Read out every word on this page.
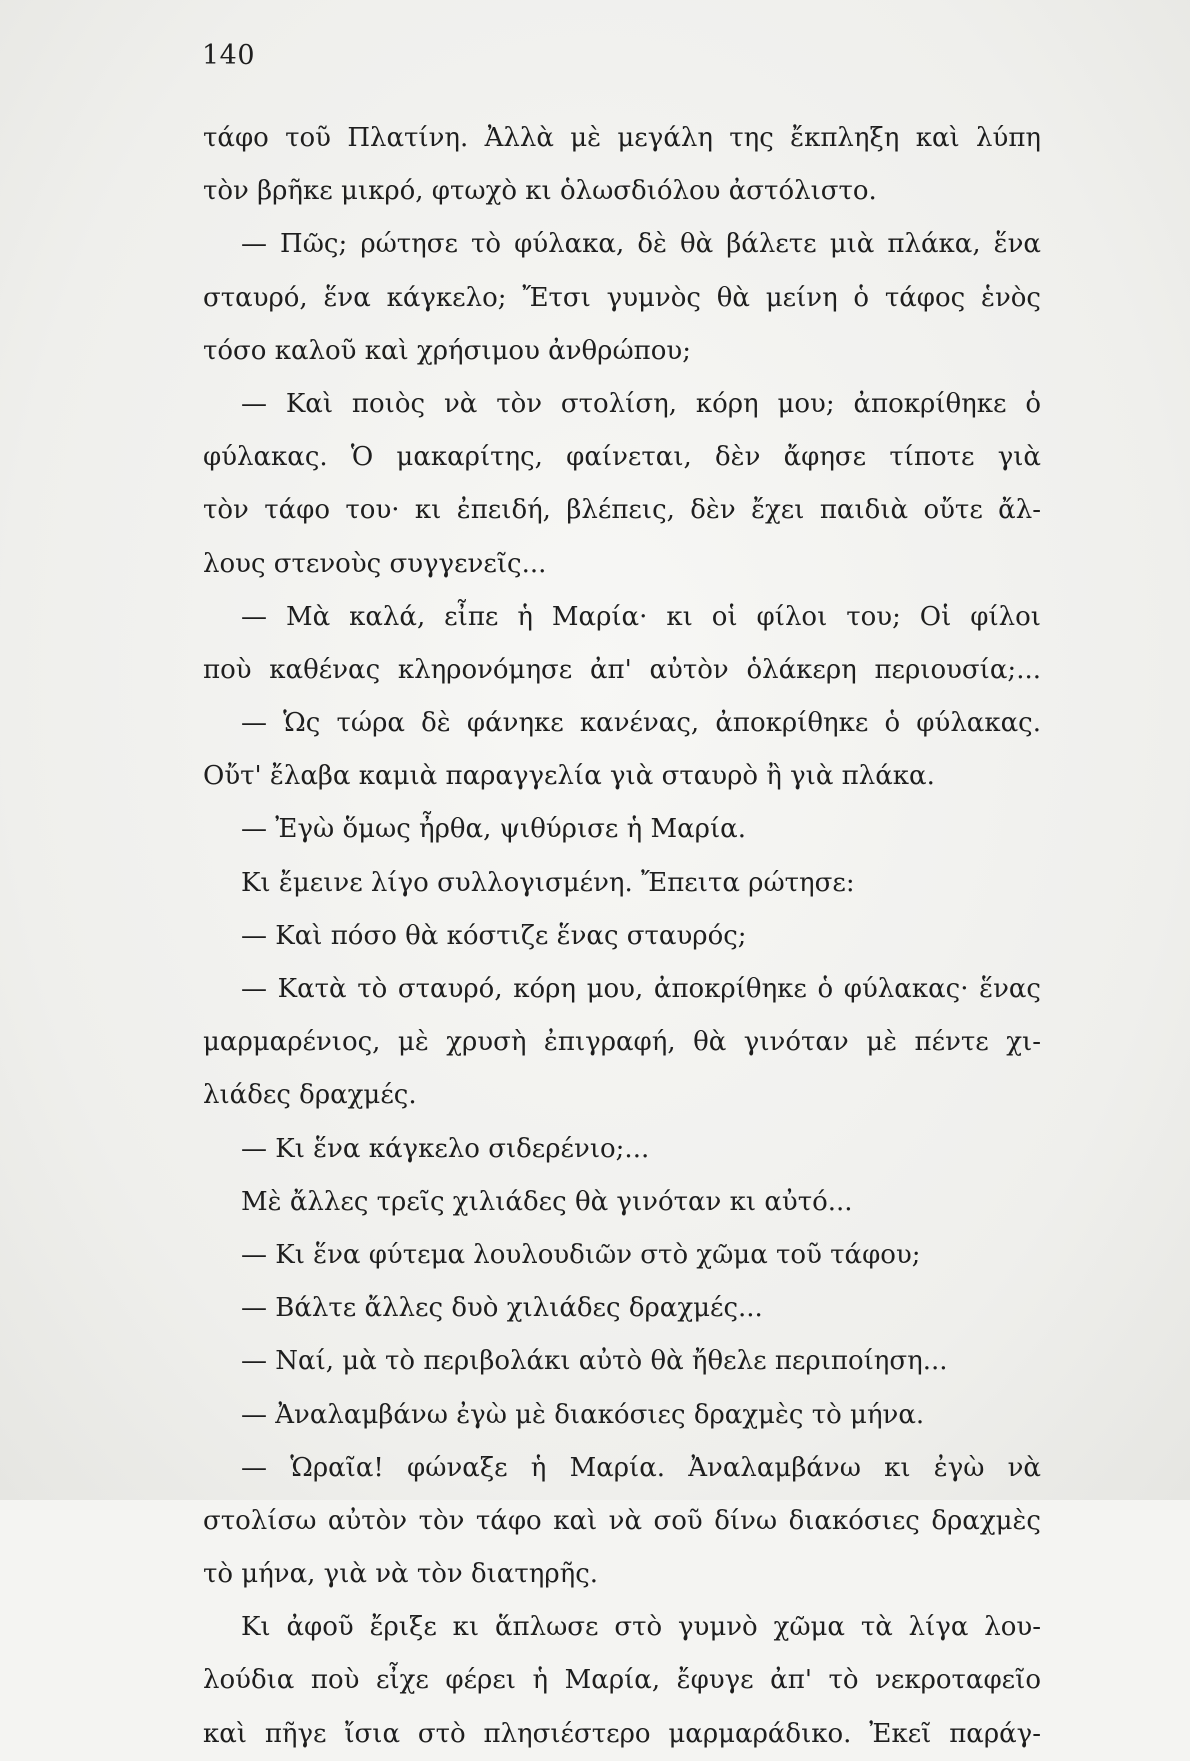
140
τάφο τοῦ Πλατίνη. Ἀλλὰ μὲ μεγάλη της ἔκπληξη καὶ λύπη
τὸν βρῆκε μικρό, φτωχὸ κι ὁλωσδιόλου ἀστόλιστο.
— Πῶς; ρώτησε τὸ φύλακα, δὲ θὰ βάλετε μιὰ πλάκα, ἕνα
σταυρό, ἕνα κάγκελο; Ἔτσι γυμνὸς θὰ μείνη ὁ τάφος ἑνὸς
τόσο καλοῦ καὶ χρήσιμου ἀνθρώπου;
— Καὶ ποιὸς νὰ τὸν στολίση, κόρη μου; ἀποκρίθηκε ὁ
φύλακας. Ὁ μακαρίτης, φαίνεται, δὲν ἄφησε τίποτε γιὰ
τὸν τάφο του· κι ἐπειδή, βλέπεις, δὲν ἔχει παιδιὰ οὔτε ἄλ-
λους στενοὺς συγγενεῖς...
— Μὰ καλά, εἶπε ἡ Μαρία· κι οἱ φίλοι του; Οἱ φίλοι
ποὺ καθένας κληρονόμησε ἀπ' αὐτὸν ὁλάκερη περιουσία;...
— Ὡς τώρα δὲ φάνηκε κανένας, ἀποκρίθηκε ὁ φύλακας.
Οὔτ' ἔλαβα καμιὰ παραγγελία γιὰ σταυρὸ ἢ γιὰ πλάκα.
— Ἐγὼ ὅμως ἦρθα, ψιθύρισε ἡ Μαρία.
Κι ἔμεινε λίγο συλλογισμένη. Ἔπειτα ρώτησε:
— Καὶ πόσο θὰ κόστιζε ἕνας σταυρός;
— Κατὰ τὸ σταυρό, κόρη μου, ἀποκρίθηκε ὁ φύλακας· ἕνας
μαρμαρένιος, μὲ χρυσὴ ἐπιγραφή, θὰ γινόταν μὲ πέντε χι-
λιάδες δραχμές.
— Κι ἕνα κάγκελο σιδερένιο;...
Μὲ ἄλλες τρεῖς χιλιάδες θὰ γινόταν κι αὐτό...
— Κι ἕνα φύτεμα λουλουδιῶν στὸ χῶμα τοῦ τάφου;
— Βάλτε ἄλλες δυὸ χιλιάδες δραχμές...
— Ναί, μὰ τὸ περιβολάκι αὐτὸ θὰ ἤθελε περιποίηση...
— Ἀναλαμβάνω ἐγὼ μὲ διακόσιες δραχμὲς τὸ μήνα.
— Ὡραῖα! φώναξε ἡ Μαρία. Ἀναλαμβάνω κι ἐγὼ νὰ
στολίσω αὐτὸν τὸν τάφο καὶ νὰ σοῦ δίνω διακόσιες δραχμὲς
τὸ μήνα, γιὰ νὰ τὸν διατηρῆς.
Κι ἀφοῦ ἔριξε κι ἅπλωσε στὸ γυμνὸ χῶμα τὰ λίγα λου-
λούδια ποὺ εἶχε φέρει ἡ Μαρία, ἔφυγε ἀπ' τὸ νεκροταφεῖο
καὶ πῆγε ἴσια στὸ πλησιέστερο μαρμαράδικο. Ἐκεῖ παράγ-
